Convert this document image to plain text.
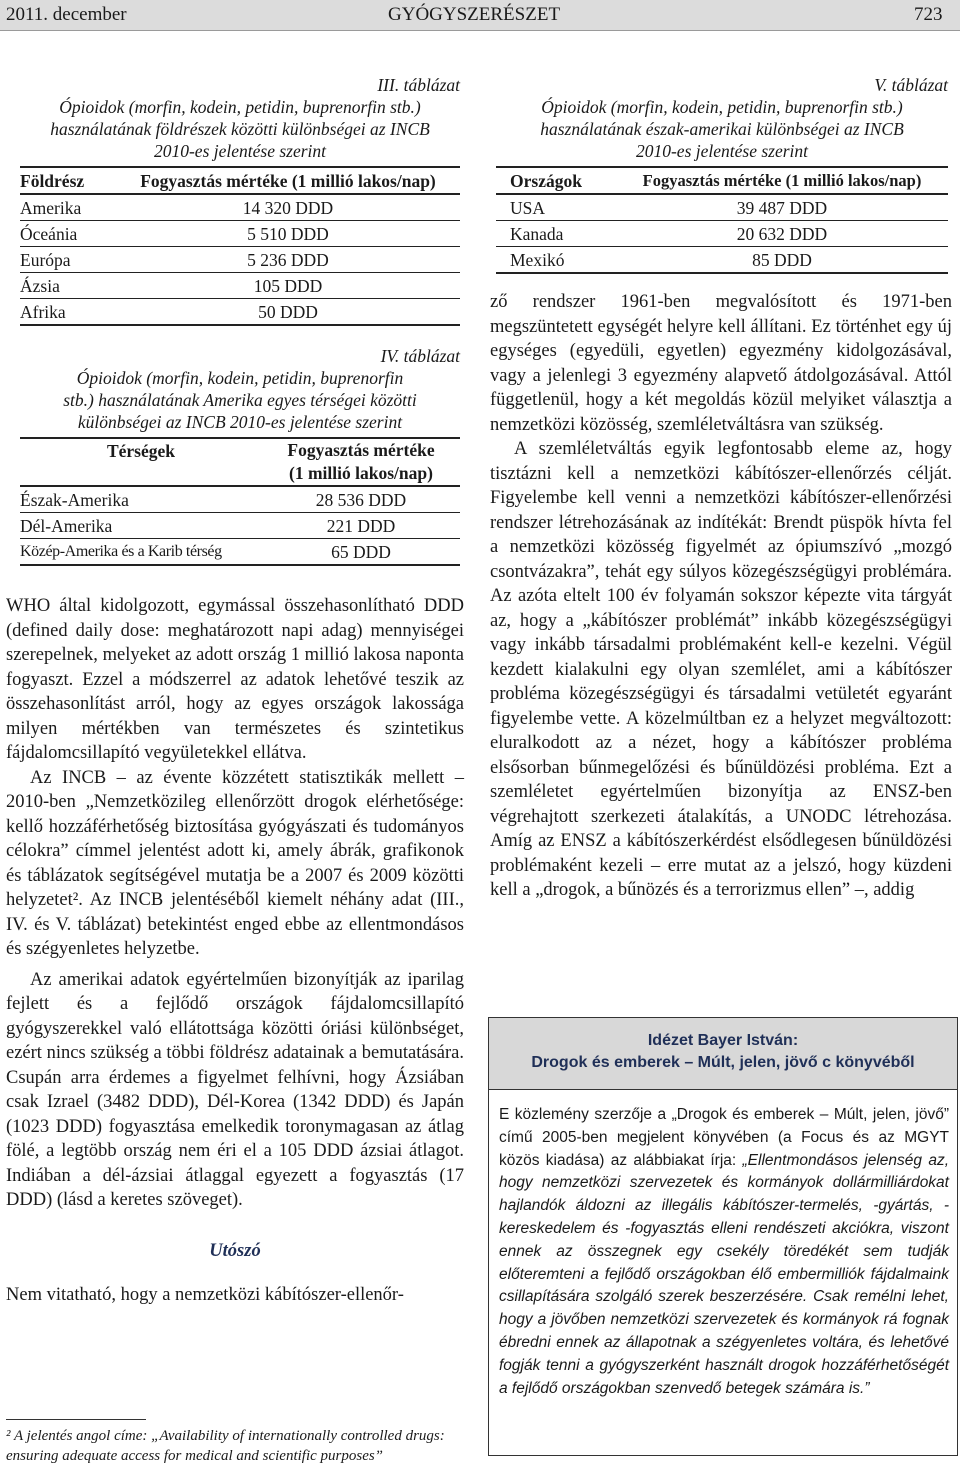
2011. december	GYÓGYSZERÉSZET	723
III. táblázat
Ópioidok (morfin, kodein, petidin, buprenorfin stb.)
használatának földrészek közötti különbségei az INCB
2010-es jelentése szerint
Földrész	Fogyasztás mértéke (1 millió lakos/nap)
Amerika	14 320 DDD
Óceánia	5 510 DDD
Európa	5 236 DDD
Ázsia	105 DDD
Afrika	50 DDD
IV. táblázat
Ópioidok (morfin, kodein, petidin, buprenorfin
stb.) használatának Amerika egyes térségei közötti
különbségei az INCB 2010-es jelentése szerint
Térségek	Fogyasztás mértéke
(1 millió lakos/nap)

Észak-Amerika	28 536 DDD
Dél-Amerika	221 DDD
Közép-Amerika és a Karib térség	65 DDD
V. táblázat
Ópioidok (morfin, kodein, petidin, buprenorfin stb.)
használatának észak-amerikai különbségei az INCB
2010-es jelentése szerint
Országok	Fogyasztás mértéke (1 millió lakos/nap)
USA	39 487 DDD
Kanada	20 632 DDD
Mexikó	85 DDD

WHO által kidolgozott, egymással összehasonlítható DDD (defined daily dose: meghatározott napi adag) mennyiségei szerepelnek, melyeket az adott ország 1 millió lakosa naponta fogyaszt. Ezzel a módszerrel az adatok lehetővé teszik az összehasonlítást arról, hogy az egyes országok lakossága milyen mértékben van természetes és szintetikus fájdalomcsillapító vegyületekkel ellátva.

Az INCB – az évente közzétett statisztikák mellett – 2010-ben „Nemzetközileg ellenőrzött drogok elérhetősége: kellő hozzáférhetőség biztosítása gyógyászati és tudományos célokra” címmel jelentést adott ki, amely ábrák, grafikonok és táblázatok segítségével mutatja be a 2007 és 2009 közötti helyzetet². Az INCB jelentéséből kiemelt néhány adat (III., IV. és V. táblázat) betekintést enged ebbe az ellentmondásos és szégyenletes helyzetbe.

Az amerikai adatok egyértelműen bizonyítják az iparilag fejlett és a fejlődő országok fájdalomcsillapító gyógyszerekkel való ellátottsága közötti óriási különbséget, ezért nincs szükség a többi földrész adatainak a bemutatására. Csupán arra érdemes a figyelmet felhívni, hogy Ázsiában csak Izrael (3482 DDD), Dél-Korea (1342 DDD) és Japán (1023 DDD) fogyasztása emelkedik toronymagasan az átlag fölé, a legtöbb ország nem éri el a 105 DDD ázsiai átlagot. Indiában a dél-ázsiai átlaggal egyezett a fogyasztás (17 DDD) (lásd a keretes szöveget).

Utószó

Nem vitatható, hogy a nemzetközi kábítószer-ellenőr-

² A jelentés angol címe: „Availability of internationally controlled drugs: ensuring adequate access for medical and scientific purposes”

ző rendszer 1961-ben megvalósított és 1971-ben megszüntetett egységét helyre kell állítani. Ez történhet egy új egységes (egyedüli, egyetlen) egyezmény kidolgozásával, vagy a jelenlegi 3 egyezmény alapvető átdolgozásával. Attól függetlenül, hogy a két megoldás közül melyiket választja a nemzetközi közösség, szemléletváltásra van szükség.

A szemléletváltás egyik legfontosabb eleme az, hogy tisztázni kell a nemzetközi kábítószer-ellenőrzés célját. Figyelembe kell venni a nemzetközi kábítószer-ellenőrzési rendszer létrehozásának az indítékát: Brendt püspök hívta fel a nemzetközi közösség figyelmét az ópiumszívó „mozgó csontvázakra”, tehát egy súlyos közegészségügyi problémára. Az azóta eltelt 100 év folyamán sokszor képezte vita tárgyát az, hogy a „kábítószer problémát” inkább közegészségügyi vagy inkább társadalmi problémaként kell-e kezelni. Végül kezdett kialakulni egy olyan szemlélet, ami a kábítószer probléma közegészségügyi és társadalmi vetületét egyaránt figyelembe vette. A közelmúltban ez a helyzet megváltozott: eluralkodott az a nézet, hogy a kábítószer probléma elsősorban bűnmegelőzési és bűnüldözési probléma. Ezt a szemléletet egyértelműen bizonyítja az ENSZ-ben végrehajtott szerkezeti átalakítás, a UNODC létrehozása. Amíg az ENSZ a kábítószerkérdést elsődlegesen bűnüldözési problémaként kezeli – erre mutat az a jelszó, hogy küzdeni kell a „drogok, a bűnözés és a terrorizmus ellen” –, addig

Idézet Bayer István:
Drogok és emberek – Múlt, jelen, jövő c könyvéből
E közlemény szerzője a „Drogok és emberek – Múlt, jelen, jövő” című 2005-ben megjelent könyvében (a Focus és az MGYT közös kiadása) az alábbiakat írja: „Ellentmondásos jelenség az, hogy nemzetközi szervezetek és kormányok dollármilliárdokat hajlandók áldozni az illegális kábítószer-termelés, -gyártás, -kereskedelem és -fogyasztás elleni rendészeti akciókra, viszont ennek az összegnek egy csekély töredékét sem tudják előteremteni a fejlődő országokban élő embermilliók fájdalmaink csillapítására szolgáló szerek beszerzésére. Csak remélni lehet, hogy a jövőben nemzetközi szervezetek és kormányok rá fognak ébredni ennek az állapotnak a szégyenletes voltára, és lehetővé fogják tenni a gyógyszerként használt drogok hozzáférhetőségét a fejlődő országokban szenvedő betegek számára is.”
